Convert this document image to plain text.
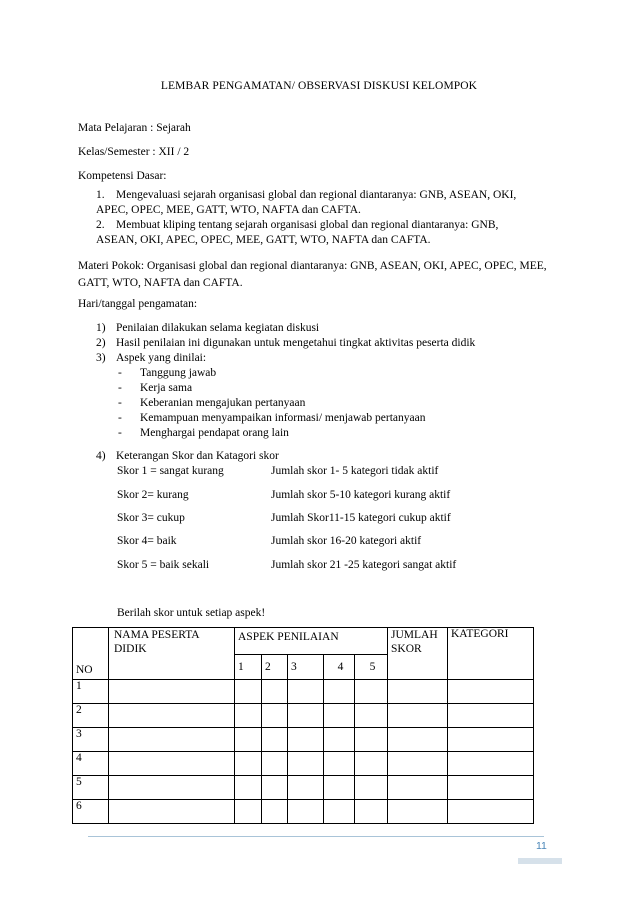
LEMBAR PENGAMATAN/ OBSERVASI DISKUSI KELOMPOK
Mata Pelajaran : Sejarah
Kelas/Semester : XII / 2
Kompetensi Dasar:
1. Mengevaluasi sejarah organisasi global dan regional diantaranya: GNB, ASEAN, OKI, APEC, OPEC, MEE, GATT, WTO, NAFTA dan CAFTA.
2. Membuat kliping tentang sejarah organisasi global dan regional diantaranya: GNB, ASEAN, OKI, APEC, OPEC, MEE, GATT, WTO, NAFTA dan CAFTA.
Materi Pokok: Organisasi global dan regional diantaranya: GNB, ASEAN, OKI, APEC, OPEC, MEE, GATT, WTO, NAFTA dan CAFTA.
Hari/tanggal pengamatan:
1) Penilaian dilakukan selama kegiatan diskusi
2) Hasil penilaian ini digunakan untuk mengetahui tingkat aktivitas peserta didik
3) Aspek yang dinilai:
- Tanggung jawab
- Kerja sama
- Keberanian mengajukan pertanyaan
- Kemampuan menyampaikan informasi/ menjawab pertanyaan
- Menghargai pendapat orang lain
4) Keterangan Skor dan Katagori skor
Skor 1 = sangat kurang	Jumlah skor 1- 5 kategori tidak aktif
Skor 2= kurang	Jumlah skor 5-10 kategori kurang aktif
Skor 3= cukup	Jumlah Skor11-15 kategori cukup aktif
Skor 4= baik	Jumlah skor 16-20 kategori aktif
Skor 5 = baik sekali	Jumlah skor 21 -25 kategori sangat aktif
Berilah skor untuk setiap aspek!
NO	NAMA PESERTA DIDIK	ASPEK PENILAIAN					JUMLAH SKOR	KATEGORI
		1	2	3	4	5		
1								
2								
3								
4								
5								
6								
11
